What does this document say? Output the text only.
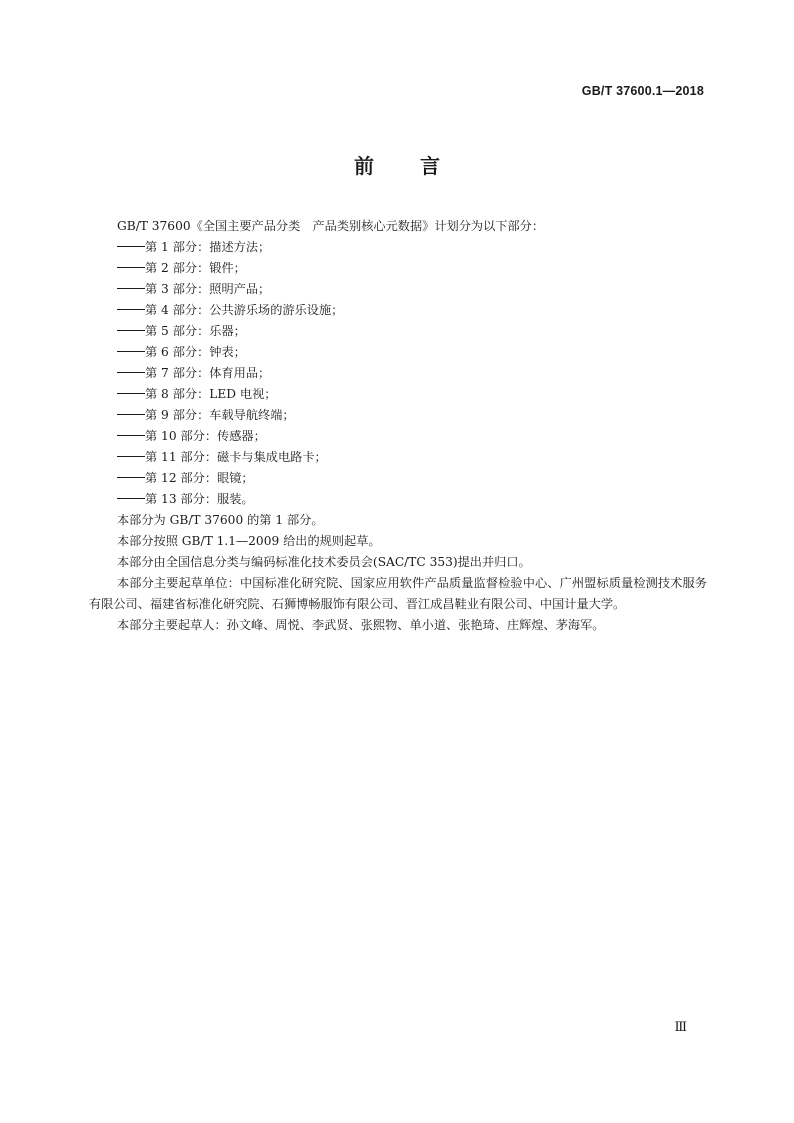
GB/T 37600.1—2018
前言

GB/T 37600《全国主要产品分类　产品类别核心元数据》计划分为以下部分：

第 1 部分：描述方法；

第 2 部分：锻件；

第 3 部分：照明产品；

第 4 部分：公共游乐场的游乐设施；

第 5 部分：乐器；

第 6 部分：钟表；

第 7 部分：体育用品；

第 8 部分：LED 电视；

第 9 部分：车载导航终端；

第 10 部分：传感器；

第 11 部分：磁卡与集成电路卡；

第 12 部分：眼镜；

第 13 部分：服装。

本部分为 GB/T 37600 的第 1 部分。

本部分按照 GB/T 1.1—2009 给出的规则起草。

本部分由全国信息分类与编码标准化技术委员会(SAC/TC 353)提出并归口。

本部分主要起草单位：中国标准化研究院、国家应用软件产品质量监督检验中心、广州盟标质量检测技术服务有限公司、福建省标准化研究院、石狮博畅服饰有限公司、晋江成昌鞋业有限公司、中国计量大学。

本部分主要起草人：孙文峰、周悦、李武贤、张熙物、单小道、张艳琦、庄辉煌、茅海军。

Ⅲ
